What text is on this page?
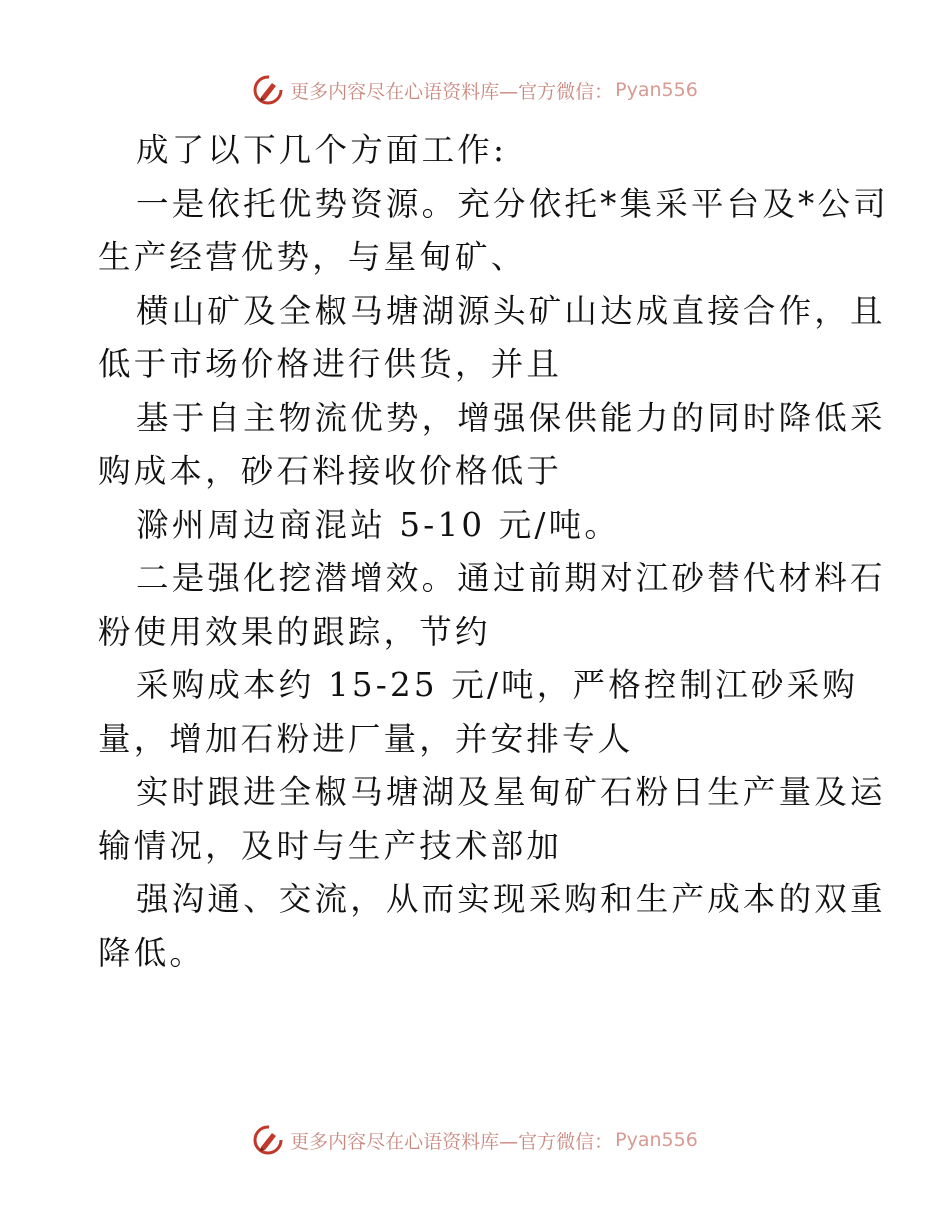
更多内容尽在心语资料库—官方微信： Pyan556
成了以下几个方面工作:
一是依托优势资源。充分依托*集采平台及*公司
生产经营优势，与星甸矿、
横山矿及全椒马塘湖源头矿山达成直接合作，且
低于市场价格进行供货，并且
基于自主物流优势，增强保供能力的同时降低采
购成本，砂石料接收价格低于
滁州周边商混站 5-10 元/吨。
二是强化挖潜增效。通过前期对江砂替代材料石
粉使用效果的跟踪，节约
采购成本约 15-25 元/吨，严格控制江砂采购
量，增加石粉进厂量，并安排专人
实时跟进全椒马塘湖及星甸矿石粉日生产量及运
输情况，及时与生产技术部加
强沟通、交流，从而实现采购和生产成本的双重
降低。
更多内容尽在心语资料库—官方微信： Pyan556
